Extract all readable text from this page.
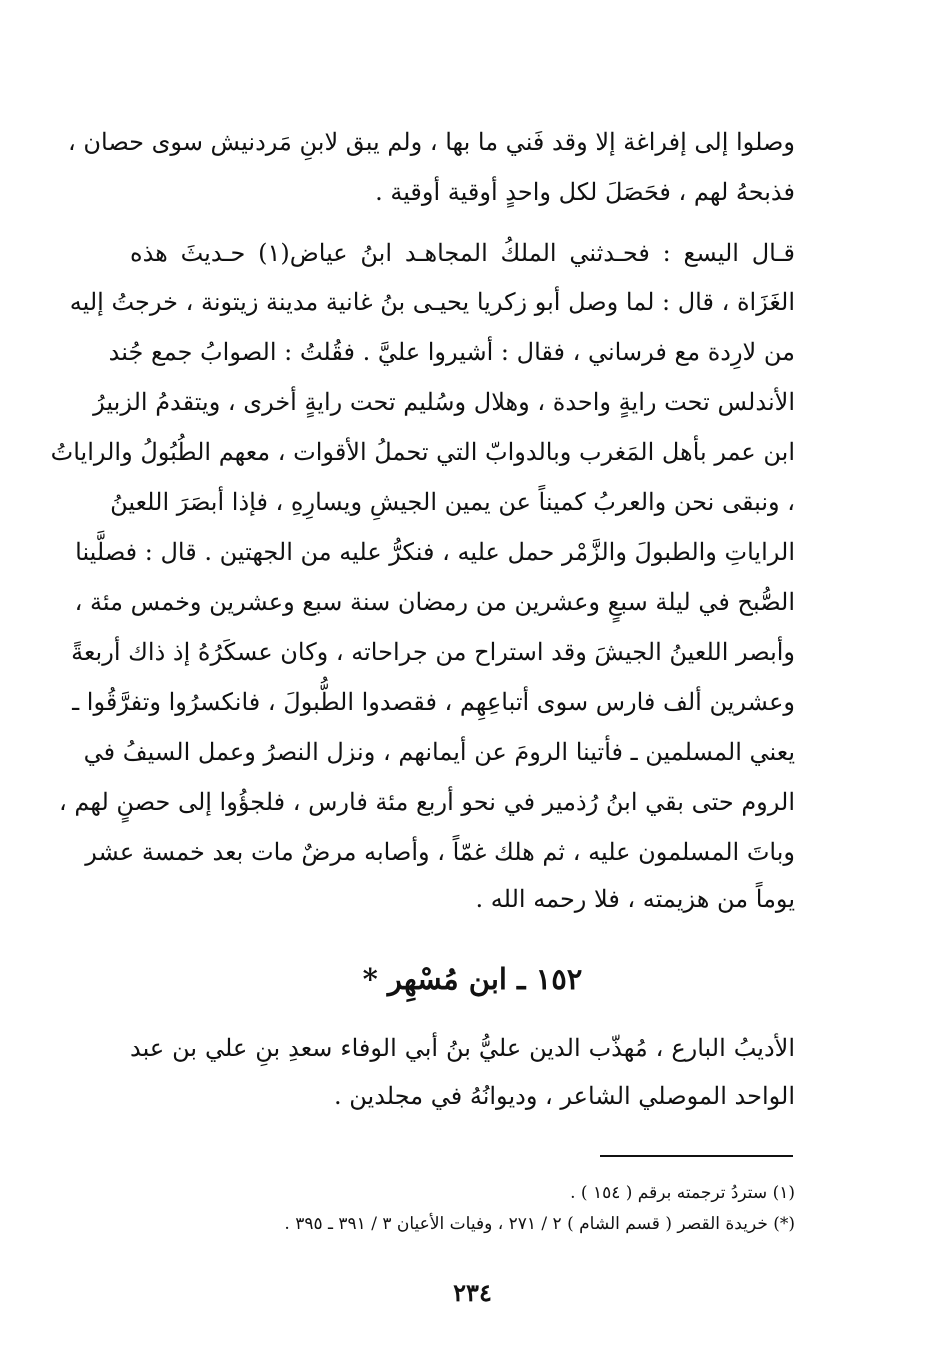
وصلوا إلى إفراغة إلا وقد فَني ما بها ، ولم يبق لابنِ مَردنيش سوى حصان ،
فذبحهُ لهم ، فحَصَلَ لكل واحدٍ أوقية أوقية .
قـال اليسع : فحـدثني الملكُ المجاهـد ابنُ عياض(١) حـديثَ هذه
الغَزَاة ، قال : لما وصل أبو زكريا يحيـى بنُ غانية مدينة زيتونة ، خرجتُ إليه
من لارِدة مع فرساني ، فقال : أشيروا عليَّ . فقُلتُ : الصوابُ جمع جُند
الأندلس تحت رايةٍ واحدة ، وهلال وسُليم تحت رايةٍ أخرى ، ويتقدمُ الزبيرُ
ابن عمر بأهل المَغرب وبالدوابّ التي تحملُ الأقوات ، معهم الطُبُولُ والراياتُ
، ونبقى نحن والعربُ كميناً عن يمين الجيشِ ويسارِهِ ، فإذا أبصَرَ اللعينُ
الراياتِ والطبولَ والزَّمْر حمل عليه ، فنكرُّ عليه من الجهتين . قال : فصلَّينا
الصُّبح في ليلة سبعٍ وعشرين من رمضان سنة سبع وعشرين وخمس مئة ،
وأبصر اللعينُ الجيشَ وقد استراح من جراحاته ، وكان عسكَرُهُ إذ ذاك أربعةً
وعشرين ألف فارس سوى أتباعِهِم ، فقصدوا الطُّبولَ ، فانكسرُوا وتفرَّقُوا ـ
يعني المسلمين ـ فأتينا الرومَ عن أيمانهم ، ونزل النصرُ وعمل السيفُ في
الروم حتى بقي ابنُ رُذمير في نحو أربع مئة فارس ، فلجؤُوا إلى حصنٍ لهم ،
وباتَ المسلمون عليه ، ثم هلك غمّاً ، وأصابه مرضٌ مات بعد خمسة عشر
يوماً من هزيمته ، فلا رحمه الله .
١٥٢ ـ ابن مُسْهِر *
الأديبُ البارع ، مُهذّب الدين عليُّ بنُ أبي الوفاء سعدِ بنِ علي بن عبد
الواحد الموصلي الشاعر ، وديوانُهُ في مجلدين .
(١) ستردُ ترجمته برقم ( ١٥٤ ) .
(*) خريدة القصر ( قسم الشام ) ٢ / ٢٧١ ، وفيات الأعيان ٣ / ٣٩١ ـ ٣٩٥ .
٢٣٤
